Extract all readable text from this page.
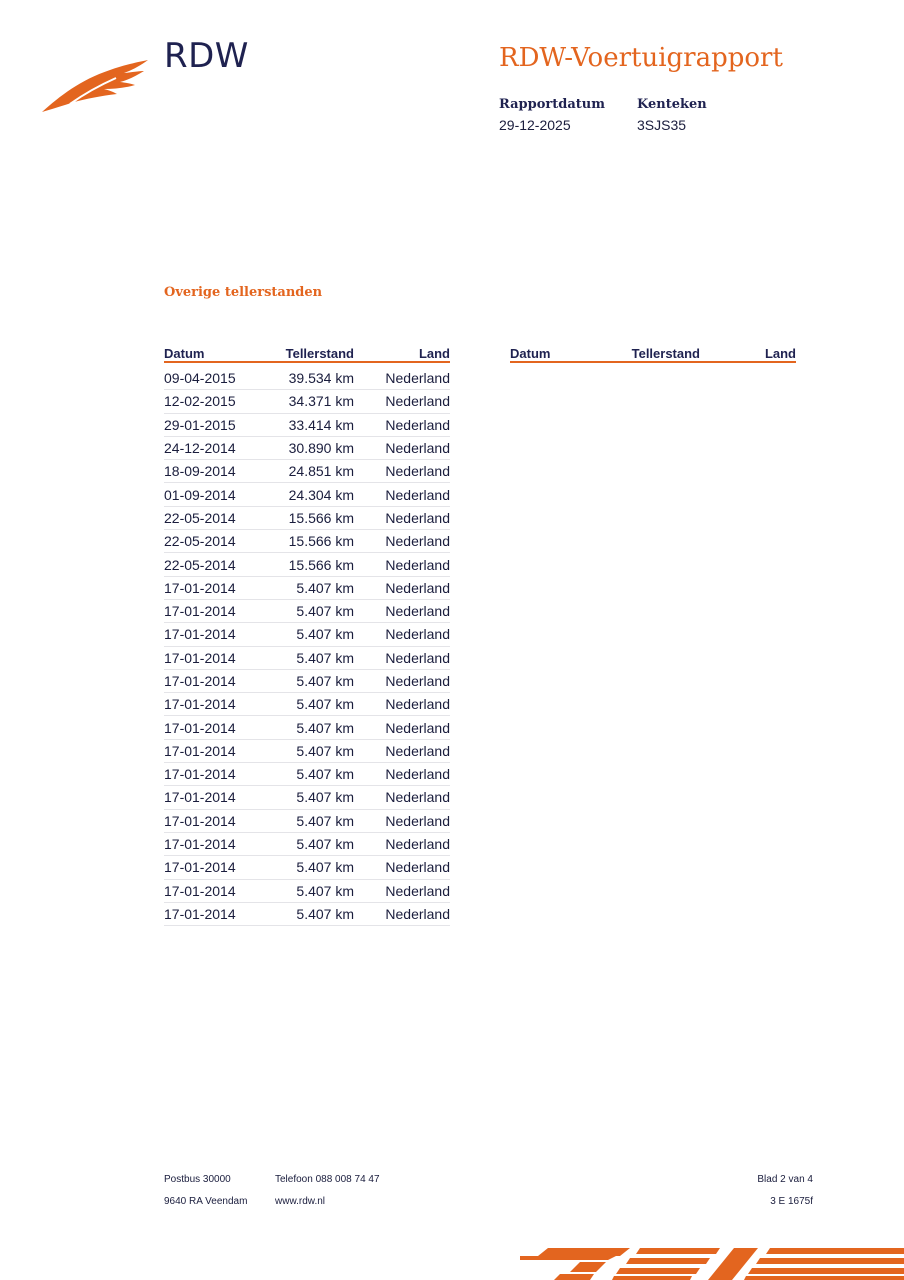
RDW	RDW-Voertuigrapport
Rapportdatum
29-12-2025
Kenteken
3SJS35
Overige tellerstanden
Datum	Tellerstand	Land
09-04-2015	39.534 km	Nederland
12-02-2015	34.371 km	Nederland
29-01-2015	33.414 km	Nederland
24-12-2014	30.890 km	Nederland
18-09-2014	24.851 km	Nederland
01-09-2014	24.304 km	Nederland
22-05-2014	15.566 km	Nederland
22-05-2014	15.566 km	Nederland
22-05-2014	15.566 km	Nederland
17-01-2014	5.407 km	Nederland
17-01-2014	5.407 km	Nederland
17-01-2014	5.407 km	Nederland
17-01-2014	5.407 km	Nederland
17-01-2014	5.407 km	Nederland
17-01-2014	5.407 km	Nederland
17-01-2014	5.407 km	Nederland
17-01-2014	5.407 km	Nederland
17-01-2014	5.407 km	Nederland
17-01-2014	5.407 km	Nederland
17-01-2014	5.407 km	Nederland
17-01-2014	5.407 km	Nederland
17-01-2014	5.407 km	Nederland
17-01-2014	5.407 km	Nederland
17-01-2014	5.407 km	Nederland
Datum	Tellerstand	Land
Postbus 30000	Telefoon 088 008 74 47
9640 RA Veendam	www.rdw.nl
Blad 2 van 4
3 E 1675f
